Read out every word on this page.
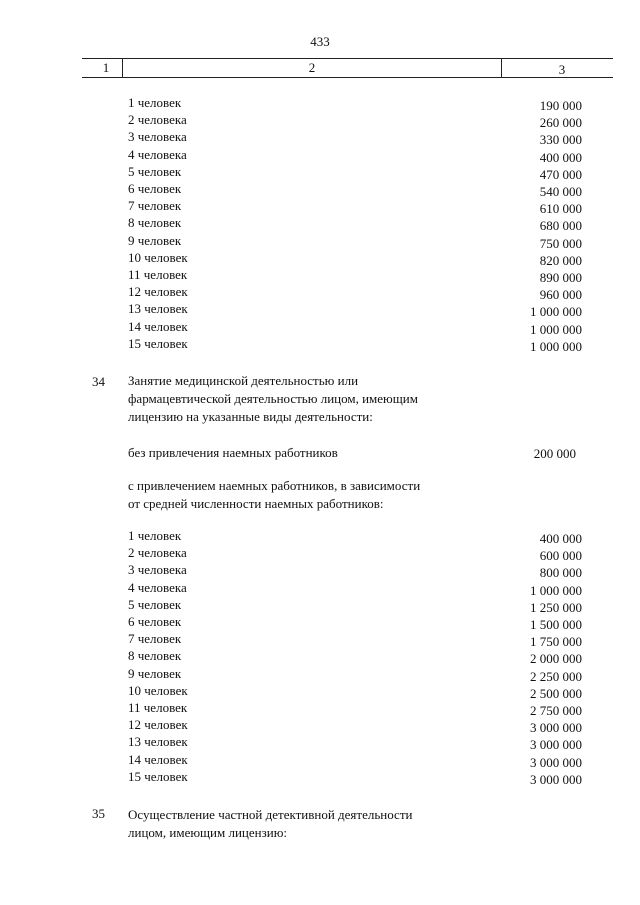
433
1	2	3
1 человек	190 000
2 человека	260 000
3 человека	330 000
4 человека	400 000
5 человек	470 000
6 человек	540 000
7 человек	610 000
8 человек	680 000
9 человек	750 000
10 человек	820 000
11 человек	890 000
12 человек	960 000
13 человек	1 000 000
14 человек	1 000 000
15 человек	1 000 000
34 Занятие медицинской деятельностью или
фармацевтической деятельностью лицом, имеющим
лицензию на указанные виды деятельности:
без привлечения наемных работников	200 000
с привлечением наемных работников, в зависимости
от средней численности наемных работников:
1 человек	400 000
2 человека	600 000
3 человека	800 000
4 человека	1 000 000
5 человек	1 250 000
6 человек	1 500 000
7 человек	1 750 000
8 человек	2 000 000
9 человек	2 250 000
10 человек	2 500 000
11 человек	2 750 000
12 человек	3 000 000
13 человек	3 000 000
14 человек	3 000 000
15 человек	3 000 000
35 Осуществление частной детективной деятельности
лицом, имеющим лицензию:
